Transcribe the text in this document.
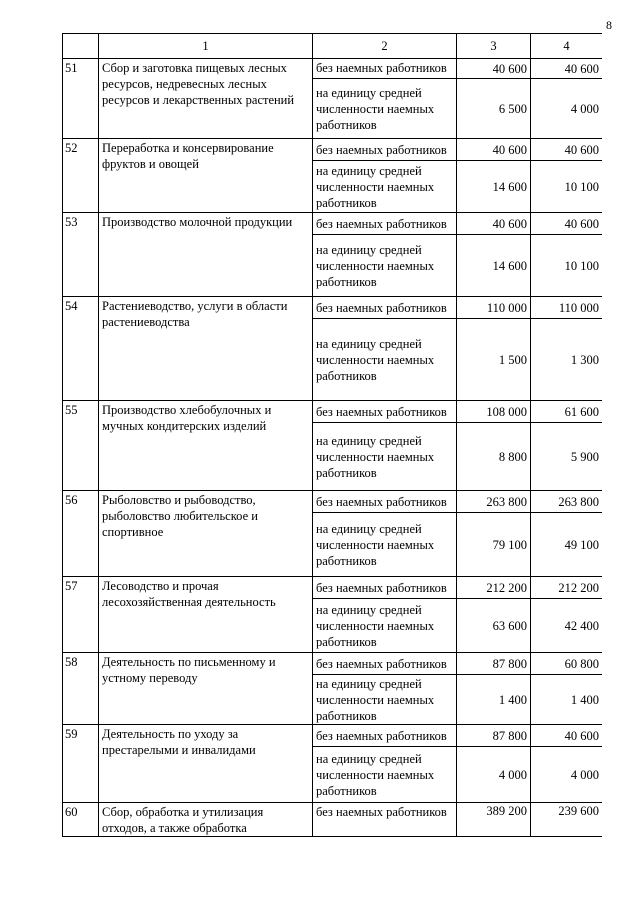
8
	1	2	3	4
51	Сбор и заготовка пищевых лесных ресурсов, недревесных лесных ресурсов и лекарственных растений	без наемных работников	40 600	40 600
		на единицу средней численности наемных работников	6 500	4 000
52	Переработка и консервирование фруктов и овощей	без наемных работников	40 600	40 600
		на единицу средней численности наемных работников	14 600	10 100
53	Производство молочной продукции	без наемных работников	40 600	40 600
		на единицу средней численности наемных работников	14 600	10 100
54	Растениеводство, услуги в области растениеводства	без наемных работников	110 000	110 000
		на единицу средней численности наемных работников	1 500	1 300
55	Производство хлебобулочных и мучных кондитерских изделий	без наемных работников	108 000	61 600
		на единицу средней численности наемных работников	8 800	5 900
56	Рыболовство и рыбоводство, рыболовство любительское и спортивное	без наемных работников	263 800	263 800
		на единицу средней численности наемных работников	79 100	49 100
57	Лесоводство и прочая лесохозяйственная деятельность	без наемных работников	212 200	212 200
		на единицу средней численности наемных работников	63 600	42 400
58	Деятельность по письменному и устному переводу	без наемных работников	87 800	60 800
		на единицу средней численности наемных работников	1 400	1 400
59	Деятельность по уходу за престарелыми и инвалидами	без наемных работников	87 800	40 600
		на единицу средней численности наемных работников	4 000	4 000
60	Сбор, обработка и утилизация отходов, а также обработка	без наемных работников	389 200	239 600
